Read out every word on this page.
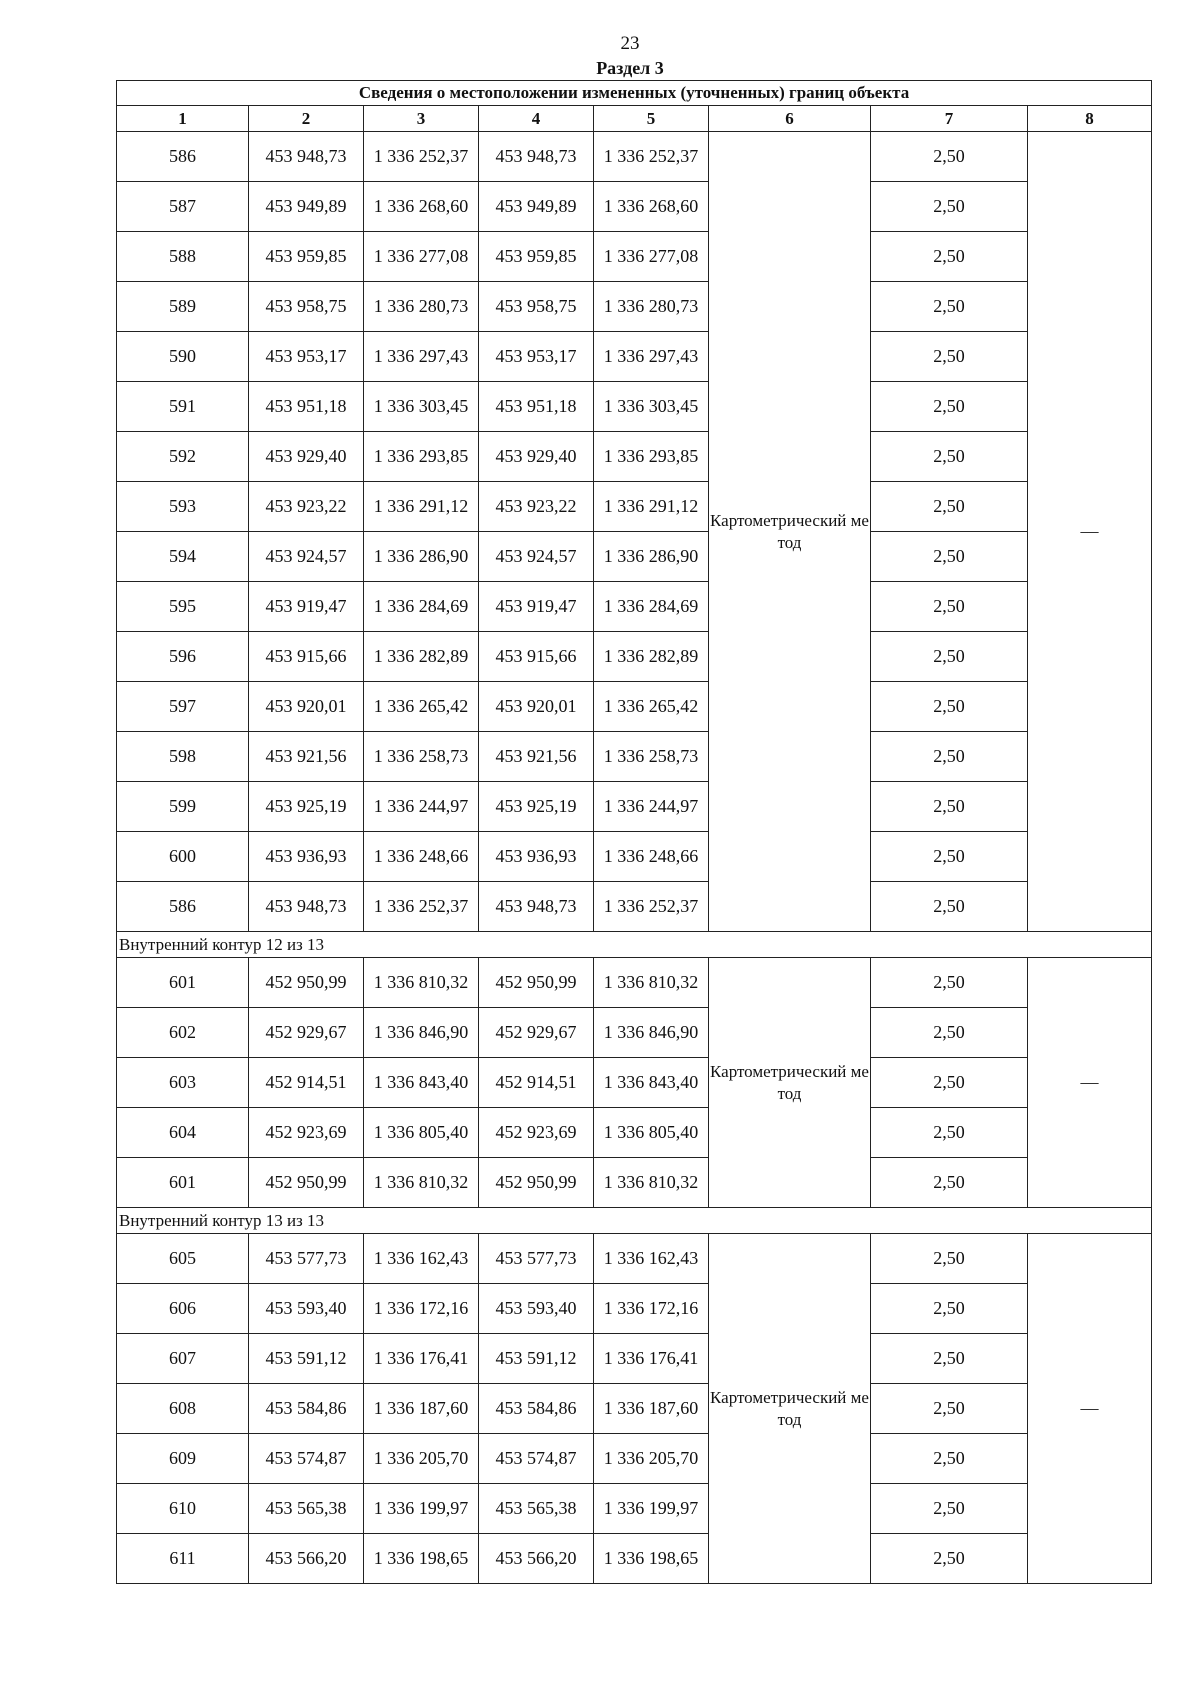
23
Раздел 3
Сведения о местоположении измененных (уточненных) границ объекта							
1	2	3	4	5	6	7	8
586	453 948,73	1 336 252,37	453 948,73	1 336 252,37	Картометрический метод	2,50	—
587	453 949,89	1 336 268,60	453 949,89	1 336 268,60		2,50	
588	453 959,85	1 336 277,08	453 959,85	1 336 277,08		2,50	
589	453 958,75	1 336 280,73	453 958,75	1 336 280,73		2,50	
590	453 953,17	1 336 297,43	453 953,17	1 336 297,43		2,50	
591	453 951,18	1 336 303,45	453 951,18	1 336 303,45		2,50	
592	453 929,40	1 336 293,85	453 929,40	1 336 293,85		2,50	
593	453 923,22	1 336 291,12	453 923,22	1 336 291,12		2,50	
594	453 924,57	1 336 286,90	453 924,57	1 336 286,90		2,50	
595	453 919,47	1 336 284,69	453 919,47	1 336 284,69		2,50	
596	453 915,66	1 336 282,89	453 915,66	1 336 282,89		2,50	
597	453 920,01	1 336 265,42	453 920,01	1 336 265,42		2,50	
598	453 921,56	1 336 258,73	453 921,56	1 336 258,73		2,50	
599	453 925,19	1 336 244,97	453 925,19	1 336 244,97		2,50	
600	453 936,93	1 336 248,66	453 936,93	1 336 248,66		2,50	
586	453 948,73	1 336 252,37	453 948,73	1 336 252,37		2,50	
Внутренний контур 12 из 13							
601	452 950,99	1 336 810,32	452 950,99	1 336 810,32	Картометрический метод	2,50	—
602	452 929,67	1 336 846,90	452 929,67	1 336 846,90		2,50	
603	452 914,51	1 336 843,40	452 914,51	1 336 843,40		2,50	
604	452 923,69	1 336 805,40	452 923,69	1 336 805,40		2,50	
601	452 950,99	1 336 810,32	452 950,99	1 336 810,32		2,50	
Внутренний контур 13 из 13							
605	453 577,73	1 336 162,43	453 577,73	1 336 162,43	Картометрический метод	2,50	—
606	453 593,40	1 336 172,16	453 593,40	1 336 172,16		2,50	
607	453 591,12	1 336 176,41	453 591,12	1 336 176,41		2,50	
608	453 584,86	1 336 187,60	453 584,86	1 336 187,60		2,50	
609	453 574,87	1 336 205,70	453 574,87	1 336 205,70		2,50	
610	453 565,38	1 336 199,97	453 565,38	1 336 199,97		2,50	
611	453 566,20	1 336 198,65	453 566,20	1 336 198,65		2,50	
